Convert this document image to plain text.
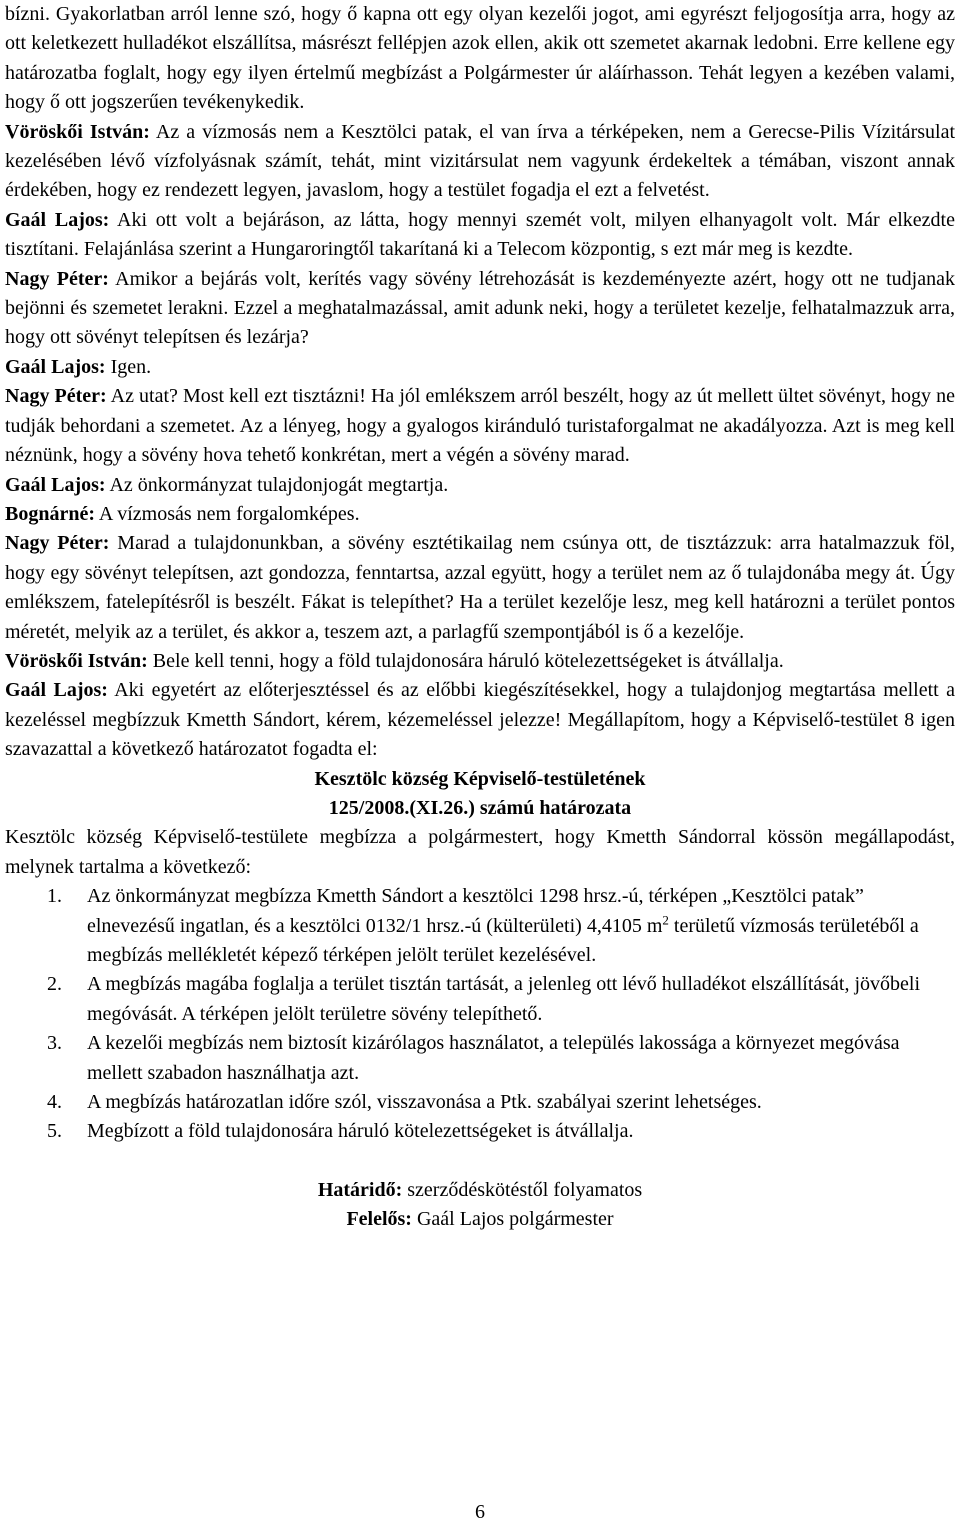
bízni. Gyakorlatban arról lenne szó, hogy ő kapna ott egy olyan kezelői jogot, ami egyrészt feljogosítja arra, hogy az ott keletkezett hulladékot elszállítsa, másrészt fellépjen azok ellen, akik ott szemetet akarnak ledobni. Erre kellene egy határozatba foglalt, hogy egy ilyen értelmű megbízást a Polgármester úr aláírhasson. Tehát legyen a kezében valami, hogy ő ott jogszerűen tevékenykedik.

Vöröskői István: Az a vízmosás nem a Kesztölci patak, el van írva a térképeken, nem a Gerecse-Pilis Vízitársulat kezelésében lévő vízfolyásnak számít, tehát, mint vizitársulat nem vagyunk érdekeltek a témában, viszont annak érdekében, hogy ez rendezett legyen, javaslom, hogy a testület fogadja el ezt a felvetést.

Gaál Lajos: Aki ott volt a bejáráson, az látta, hogy mennyi szemét volt, milyen elhanyagolt volt. Már elkezdte tisztítani. Felajánlása szerint a Hungaroringtől takarítaná ki a Telecom központig, s ezt már meg is kezdte.

Nagy Péter: Amikor a bejárás volt, kerítés vagy sövény létrehozását is kezdeményezte azért, hogy ott ne tudjanak bejönni és szemetet lerakni. Ezzel a meghatalmazással, amit adunk neki, hogy a területet kezelje, felhatalmazzuk arra, hogy ott sövényt telepítsen és lezárja?

Gaál Lajos: Igen.

Nagy Péter: Az utat? Most kell ezt tisztázni! Ha jól emlékszem arról beszélt, hogy az út mellett ültet sövényt, hogy ne tudják behordani a szemetet. Az a lényeg, hogy a gyalogos kiránduló turistaforgalmat ne akadályozza. Azt is meg kell néznünk, hogy a sövény hova tehető konkrétan, mert a végén a sövény marad.

Gaál Lajos: Az önkormányzat tulajdonjogát megtartja.

Bognárné: A vízmosás nem forgalomképes.

Nagy Péter: Marad a tulajdonunkban, a sövény esztétikailag nem csúnya ott, de tisztázzuk: arra hatalmazzuk föl, hogy egy sövényt telepítsen, azt gondozza, fenntartsa, azzal együtt, hogy a terület nem az ő tulajdonába megy át. Úgy emlékszem, fatelepítésről is beszélt. Fákat is telepíthet? Ha a terület kezelője lesz, meg kell határozni a terület pontos méretét, melyik az a terület, és akkor a, teszem azt, a parlagfű szempontjából is ő a kezelője.

Vöröskői István: Bele kell tenni, hogy a föld tulajdonosára háruló kötelezettségeket is átvállalja.

Gaál Lajos: Aki egyetért az előterjesztéssel és az előbbi kiegészítésekkel, hogy a tulajdonjog megtartása mellett a kezeléssel megbízzuk Kmetth Sándort, kérem, kézemeléssel jelezze! Megállapítom, hogy a Képviselő-testület 8 igen szavazattal a következő határozatot fogadta el:

Kesztölc község Képviselő-testületének

125/2008.(XI.26.) számú határozata

Kesztölc község Képviselő-testülete megbízza a polgármestert, hogy Kmetth Sándorral kössön megállapodást, melynek tartalma a következő:

1. Az önkormányzat megbízza Kmetth Sándort a kesztölci 1298 hrsz.-ú, térképen „Kesztölci patak” elnevezésű ingatlan, és a kesztölci 0132/1 hrsz.-ú (külterületi) 4,4105 $m^2$ területű vízmosás területéből a megbízás mellékletét képező térképen jelölt terület kezelésével.
2. A megbízás magába foglalja a terület tisztán tartását, a jelenleg ott lévő hulladékot elszállítását, jövőbeli megóvását. A térképen jelölt területre sövény telepíthető.
3. A kezelői megbízás nem biztosít kizárólagos használatot, a település lakossága a környezet megóvása mellett szabadon használhatja azt.
4. A megbízás határozatlan időre szól, visszavonása a Ptk. szabályai szerint lehetséges.
5. Megbízott a föld tulajdonosára háruló kötelezettségeket is átvállalja.

Határidő: szerződéskötéstől folyamatos

Felelős: Gaál Lajos polgármester

6
